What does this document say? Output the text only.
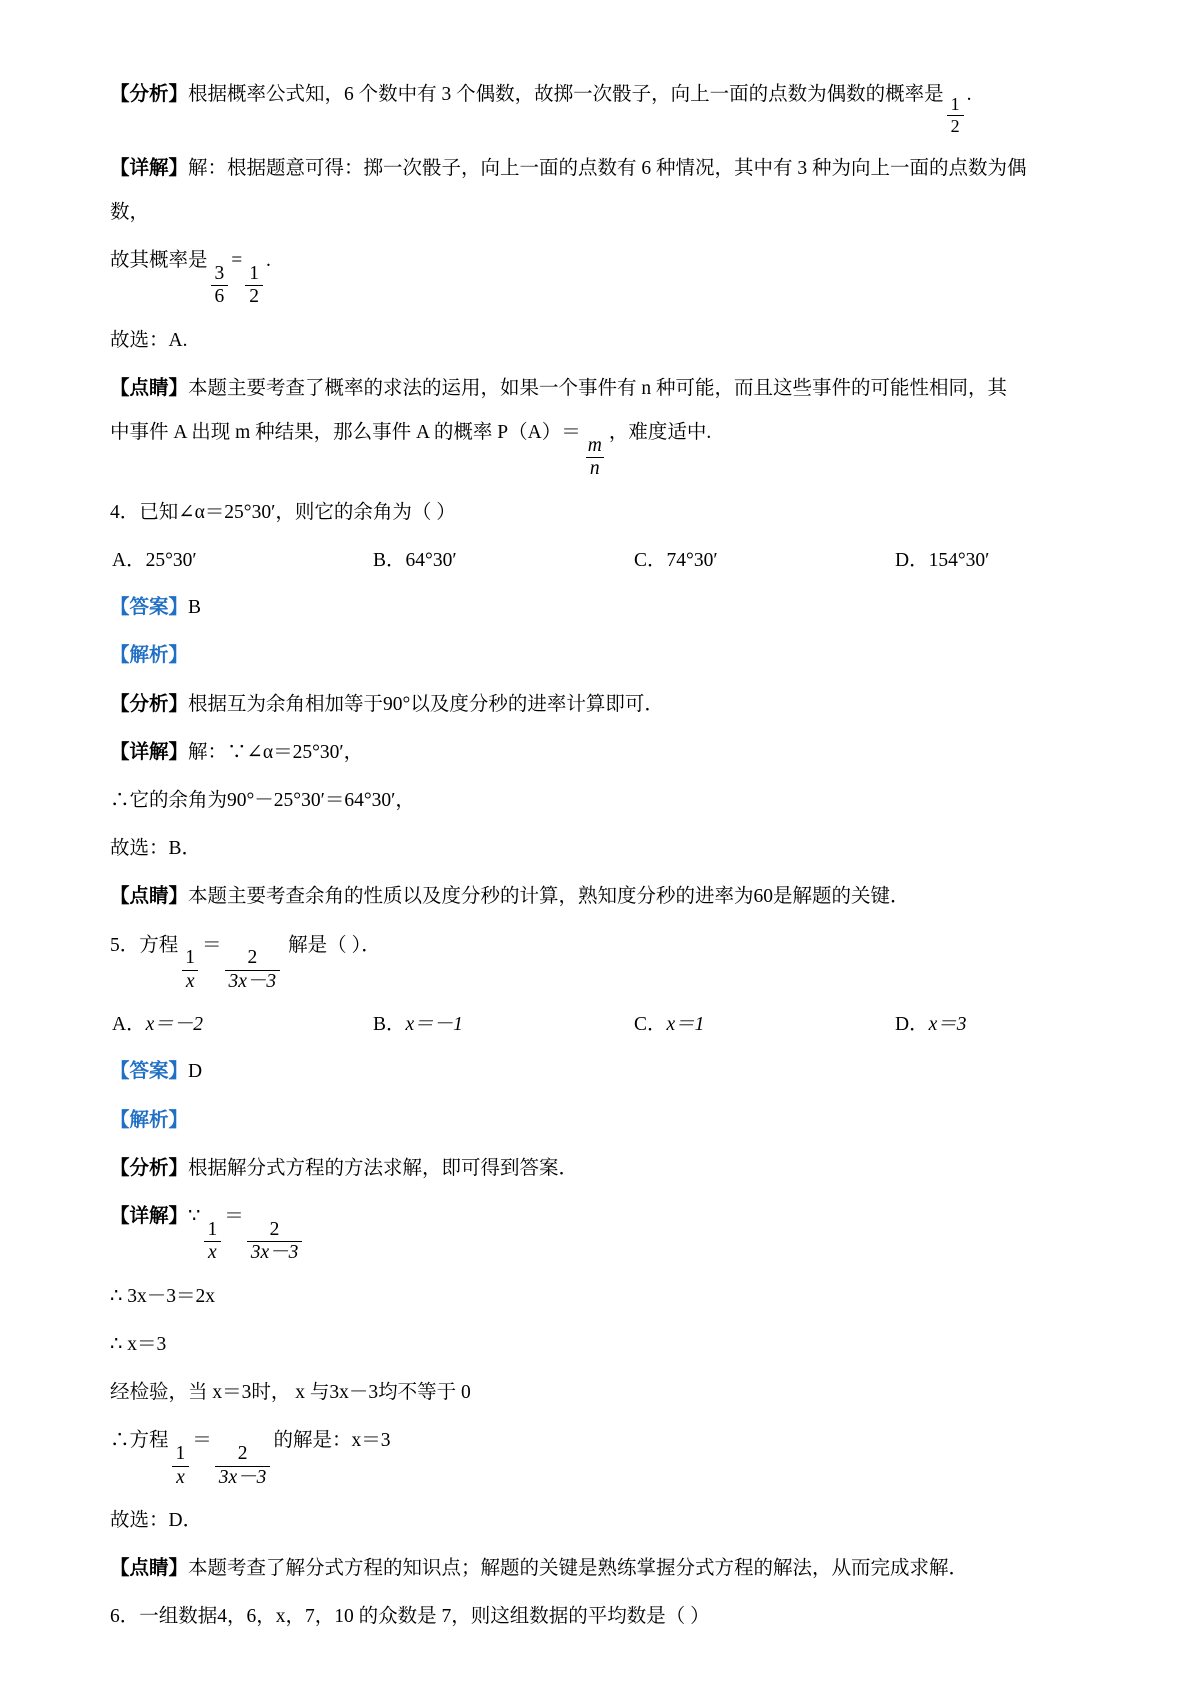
【分析】根据概率公式知，6 个数中有 3 个偶数，故掷一次骰子，向上一面的点数为偶数的概率是
$\frac{1}{2}$
.

【详解】解：根据题意可得：掷一次骰子，向上一面的点数有 6 种情况，其中有 3 种为向上一面的点数为偶

数，

故其概率是
$\frac{3}{6}$
=
$\frac{1}{2}$
.

故选：A.

【点睛】本题主要考查了概率的求法的运用，如果一个事件有 n 种可能，而且这些事件的可能性相同，其

中事件 A 出现 m 种结果，那么事件 A 的概率 P（A）＝
$\frac{m}{n}$
，难度适中.

4．已知∠α＝25°30′，则它的余角为（ ）

A．25°30′	B．64°30′	C．74°30′	D．154°30′

【答案】B

【解析】

【分析】根据互为余角相加等于90°以及度分秒的进率计算即可．

【详解】解：∵∠α＝25°30′，

∴它的余角为90°－25°30′＝64°30′，

故选：B．

【点睛】本题主要考查余角的性质以及度分秒的计算，熟知度分秒的进率为60是解题的关键．

5．方程
$\frac{1}{x}$
＝
$\frac{2}{3x-3}$
解是（ ）．

A．x＝－2	B．x＝－1	C．x＝1	D．x＝3

【答案】D

【解析】

【分析】根据解分式方程的方法求解，即可得到答案．

【详解】∵
$\frac{1}{x}$
＝
$\frac{2}{3x-3}$

∴ 3x－3＝2x

∴ x＝3

经检验，当 x＝3时， x 与3x－3均不等于 0

∴方程
$\frac{1}{x}$
＝
$\frac{2}{3x-3}$
的解是：x＝3

故选：D．

【点睛】本题考查了解分式方程的知识点；解题的关键是熟练掌握分式方程的解法，从而完成求解．

6．一组数据4，6，x，7，10 的众数是 7，则这组数据的平均数是（ ）
